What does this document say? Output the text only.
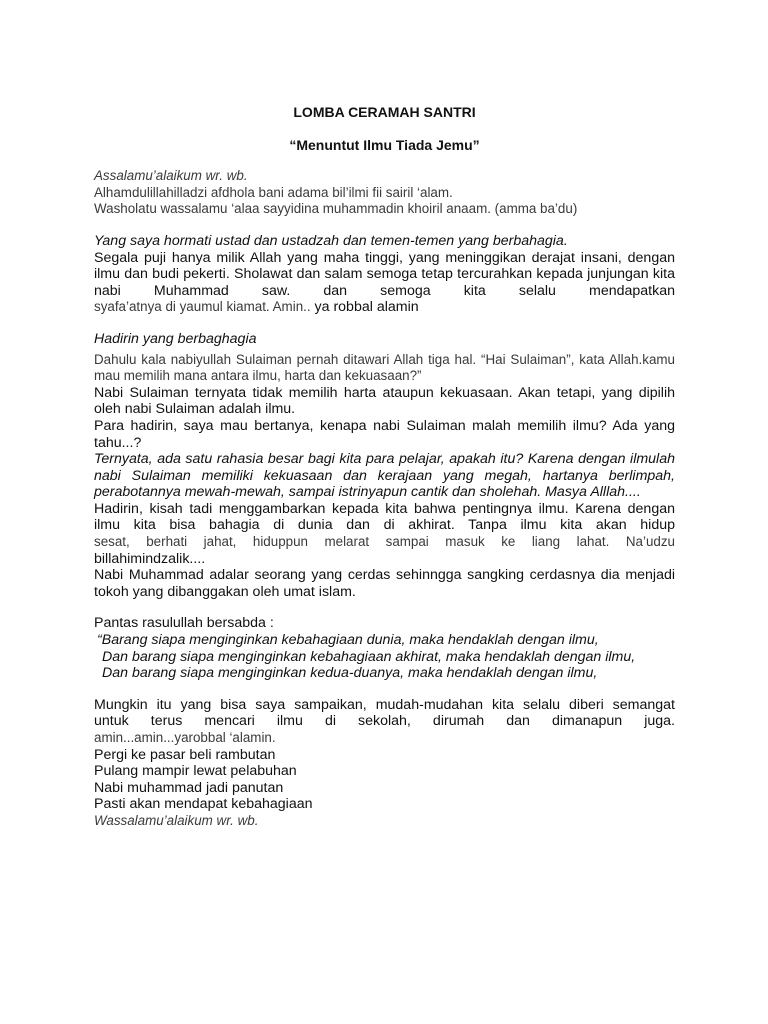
LOMBA CERAMAH SANTRI
“Menuntut Ilmu Tiada Jemu”

Assalamu’alaikum wr. wb.

Alhamdulillahilladzi afdhola bani adama bil’ilmi fii sairil ‘alam.

Washolatu wassalamu ‘alaa sayyidina muhammadin khoiril anaam. (amma ba’du)

Yang saya hormati ustad dan ustadzah dan temen-temen yang berbahagia.

Segala puji hanya milik Allah yang maha tinggi, yang meninggikan derajat insani, dengan ilmu dan budi pekerti. Sholawat dan salam semoga tetap tercurahkan kepada junjungan kita nabi Muhammad saw. dan semoga kita selalu mendapatkan

syafa’atnya di yaumul kiamat. Amin.. ya robbal alamin

Hadirin yang berbaghagia

Dahulu kala nabiyullah Sulaiman pernah ditawari Allah tiga hal. “Hai Sulaiman”, kata Allah.kamu mau memilih mana antara ilmu, harta dan kekuasaan?”

Nabi Sulaiman ternyata tidak memilih harta ataupun kekuasaan. Akan tetapi, yang dipilih oleh nabi Sulaiman adalah ilmu.

Para hadirin, saya mau bertanya, kenapa nabi Sulaiman malah memilih ilmu? Ada yang tahu...?

Ternyata, ada satu rahasia besar bagi kita para pelajar, apakah itu? Karena dengan ilmulah nabi Sulaiman memiliki kekuasaan dan kerajaan yang megah, hartanya berlimpah, perabotannya mewah-mewah, sampai istrinyapun cantik dan sholehah. Masya Alllah....

Hadirin, kisah tadi menggambarkan kepada kita bahwa pentingnya ilmu. Karena dengan ilmu kita bisa bahagia di dunia dan di akhirat. Tanpa ilmu kita akan hidup

sesat, berhati jahat, hiduppun melarat sampai masuk ke liang lahat. Na’udzu

billahimindzalik....

Nabi Muhammad adalar seorang yang cerdas sehinngga sangking cerdasnya dia menjadi tokoh yang dibanggakan oleh umat islam.

Pantas rasulullah bersabda :

“Barang siapa menginginkan kebahagiaan dunia, maka hendaklah dengan ilmu,

Dan barang siapa menginginkan kebahagiaan akhirat, maka hendaklah dengan ilmu,

Dan barang siapa menginginkan kedua-duanya, maka hendaklah dengan ilmu,

Mungkin itu yang bisa saya sampaikan, mudah-mudahan kita selalu diberi semangat

untuk terus mencari ilmu di sekolah, dirumah dan dimanapun juga.

amin...amin...yarobbal ‘alamin.

Pergi ke pasar beli rambutan

Pulang mampir lewat pelabuhan

Nabi muhammad jadi panutan

Pasti akan mendapat kebahagiaan

Wassalamu’alaikum wr. wb.
